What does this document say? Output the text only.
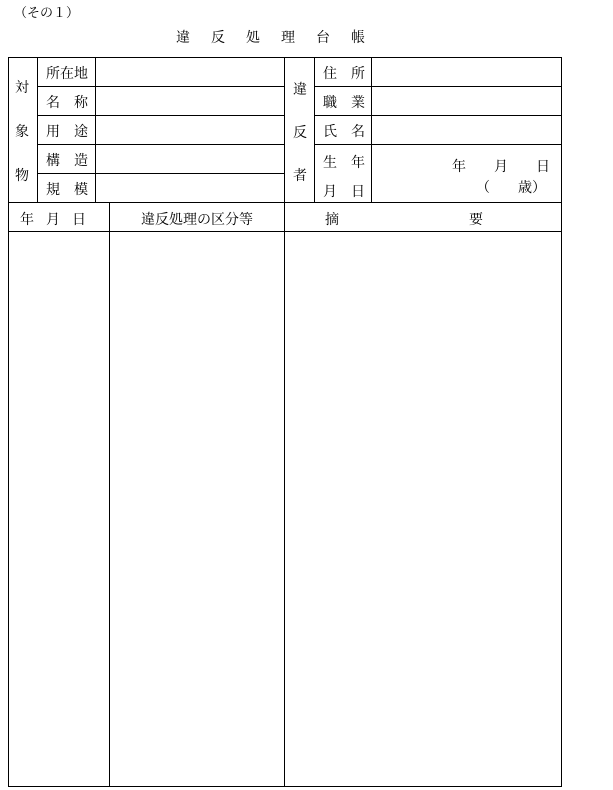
（その１）
違反処理台帳
対
象
物
所在地
名称
用途
構造
規模
違
反
者
住所
職業
氏名
生年
月日
年　　月　　日
（　　歳）
年月日	違反処理の区分等	摘要
